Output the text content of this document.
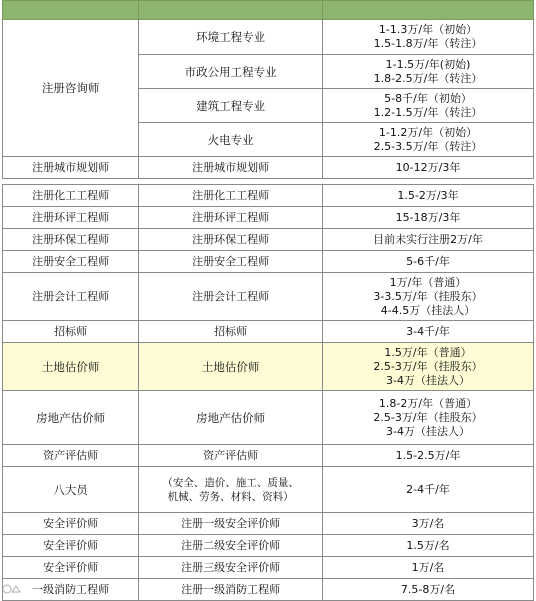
注册咨询师	环境工程专业	1-1.3万/年（初始）
1.5-1.8万/年（转注）

	市政公用工程专业	1-1.5万/年(初始)
1.8-2.5万/年（转注）

	建筑工程专业	5-8千/年（初始）
1.2-1.5万/年（转注）

	火电专业	1-1.2万/年（初始）
2.5-3.5万/年（转注）

注册城市规划师	注册城市规划师	10-12万/3年

注册化工工程师	注册化工工程师	1.5-2万/3年
注册环评工程师	注册环评工程师	15-18万/3年
注册环保工程师	注册环保工程师	目前未实行注册2万/年
注册安全工程师	注册安全工程师	5-6千/年
注册会计工程师	注册会计工程师	1万/年（普通）
3-3.5万/年（挂股东）
4-4.5万（挂法人）

招标师	招标师	3-4千/年
土地估价师	土地估价师	1.5万/年（普通）
2.5-3万/年（挂股东）
3-4万（挂法人）

房地产估价师	房地产估价师	1.8-2万/年（普通）
2.5-3万/年（挂股东）
3-4万（挂法人）

资产评估师	资产评估师	1.5-2.5万/年
八大员	（安全、造价、施工、质量、
机械、劳务、材料、资料）	2-4千/年
安全评价师	注册一级安全评价师	3万/名
安全评价师	注册二级安全评价师	1.5万/名
安全评价师	注册三级安全评价师	1万/名
一级消防工程师	注册一级消防工程师	7.5-8万/名
